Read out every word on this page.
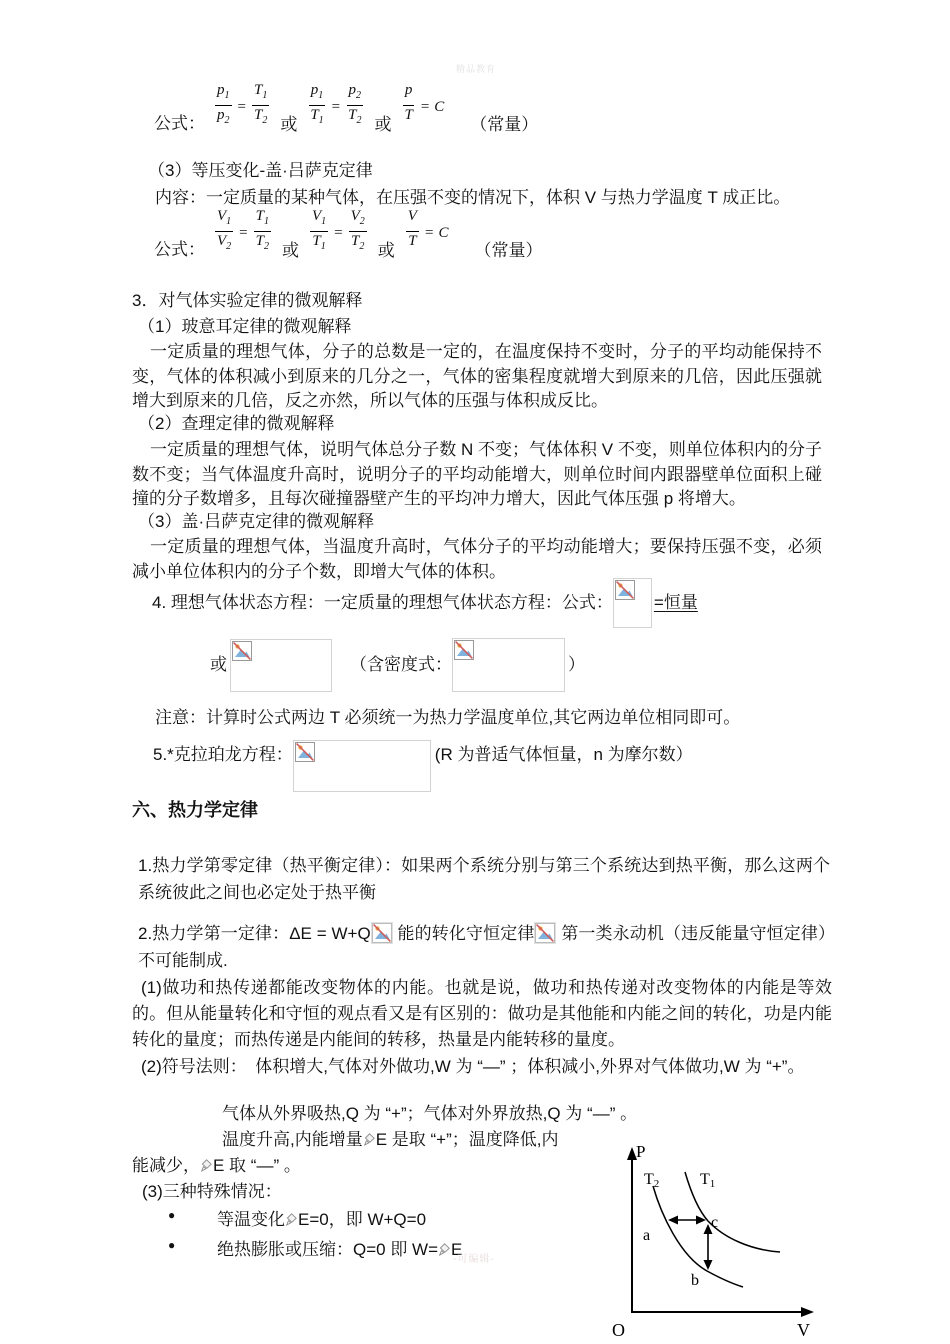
精品教育
公式： $\frac{p_1}{p_2} = \frac{T_1}{T_2}$ 或 $\frac{p_1}{T_1} = \frac{p_2}{T_2}$ 或 $\frac{p}{T} = C$
（常量）
（3）等压变化-盖·吕萨克定律
内容：一定质量的某种气体，在压强不变的情况下，体积 V 与热力学温度 T 成正比。
公式： $\frac{V_1}{V_2} = \frac{T_1}{T_2}$ 或 $\frac{V_1}{T_1} = \frac{V_2}{T_2}$ 或 $\frac{V}{T} = C$
（常量）
3．对气体实验定律的微观解释
（1）玻意耳定律的微观解释
一定质量的理想气体，分子的总数是一定的，在温度保持不变时，分子的平均动能保持不变，气体的体积减小到原来的几分之一，气体的密集程度就增大到原来的几倍，因此压强就增大到原来的几倍，反之亦然，所以气体的压强与体积成反比。
（2）查理定律的微观解释
一定质量的理想气体，说明气体总分子数 N 不变；气体体积 V 不变，则单位体积内的分子数不变；当气体温度升高时，说明分子的平均动能增大，则单位时间内跟器壁单位面积上碰撞的分子数增多，且每次碰撞器壁产生的平均冲力增大，因此气体压强 p 将增大。
（3）盖·吕萨克定律的微观解释
一定质量的理想气体，当温度升高时，气体分子的平均动能增大；要保持压强不变，必须减小单位体积内的分子个数，即增大气体的体积。
4. 理想气体状态方程：一定质量的理想气体状态方程：公式： =恒量
或	（含密度式：	）
注意：计算时公式两边 T 必须统一为热力学温度单位,其它两边单位相同即可。
5.*克拉珀龙方程：	(R 为普适气体恒量，n 为摩尔数）
六、热力学定律
1.热力学第零定律（热平衡定律）：如果两个系统分别与第三个系统达到热平衡，那么这两个系统彼此之间也必定处于热平衡
2.热力学第一定律：ΔE = W+Q 能的转化守恒定律 第一类永动机（违反能量守恒定律）不可能制成.
(1)做功和热传递都能改变物体的内能。也就是说，做功和热传递对改变物体的内能是等效的。但从能量转化和守恒的观点看又是有区别的：做功是其他能和内能之间的转化，功是内能转化的量度；而热传递是内能间的转移，热量是内能转移的量度。
(2)符号法则：　体积增大,气体对外做功,W 为 “—” ；体积减小,外界对气体做功,W 为 “+”。
气体从外界吸热,Q 为 “+”；气体对外界放热,Q 为 “—” 。
温度升高,内能增量 E 是取 “+”；温度降低,内
能减少， E 取 “—” 。
(3)三种特殊情况：
●	等温变化 E=0，即 W+Q=0
●	绝热膨胀或压缩：Q=0 即 W= E
-可编辑-
P
V
O
T2	T1
a
c
b
